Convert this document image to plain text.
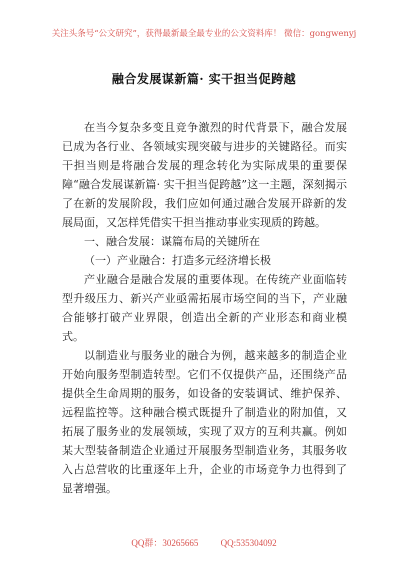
关注头条号“公文研究”，获得最新最全最专业的公文资料库！ 微信：gongwenyj
融合发展谋新篇· 实干担当促跨越

在当今复杂多变且竞争激烈的时代背景下，融合发展已成为各行业、各领域实现突破与进步的关键路径。而实干担当则是将融合发展的理念转化为实际成果的重要保障“融合发展谋新篇· 实干担当促跨越”这一主题，深刻揭示了在新的发展阶段，我们应如何通过融合发展开辟新的发展局面，又怎样凭借实干担当推动事业实现质的跨越。

一、融合发展：谋篇布局的关键所在

（一）产业融合：打造多元经济增长极

产业融合是融合发展的重要体现。在传统产业面临转型升级压力、新兴产业亟需拓展市场空间的当下，产业融合能够打破产业界限，创造出全新的产业形态和商业模式。

以制造业与服务业的融合为例，越来越多的制造企业开始向服务型制造转型。它们不仅提供产品，还围绕产品提供全生命周期的服务，如设备的安装调试、维护保养、远程监控等。这种融合模式既提升了制造业的附加值，又拓展了服务业的发展领域，实现了双方的互利共赢。例如某大型装备制造企业通过开展服务型制造业务，其服务收入占总营收的比重逐年上升，企业的市场竞争力也得到了显著增强。

QQ群：30265665 QQ:535304092
